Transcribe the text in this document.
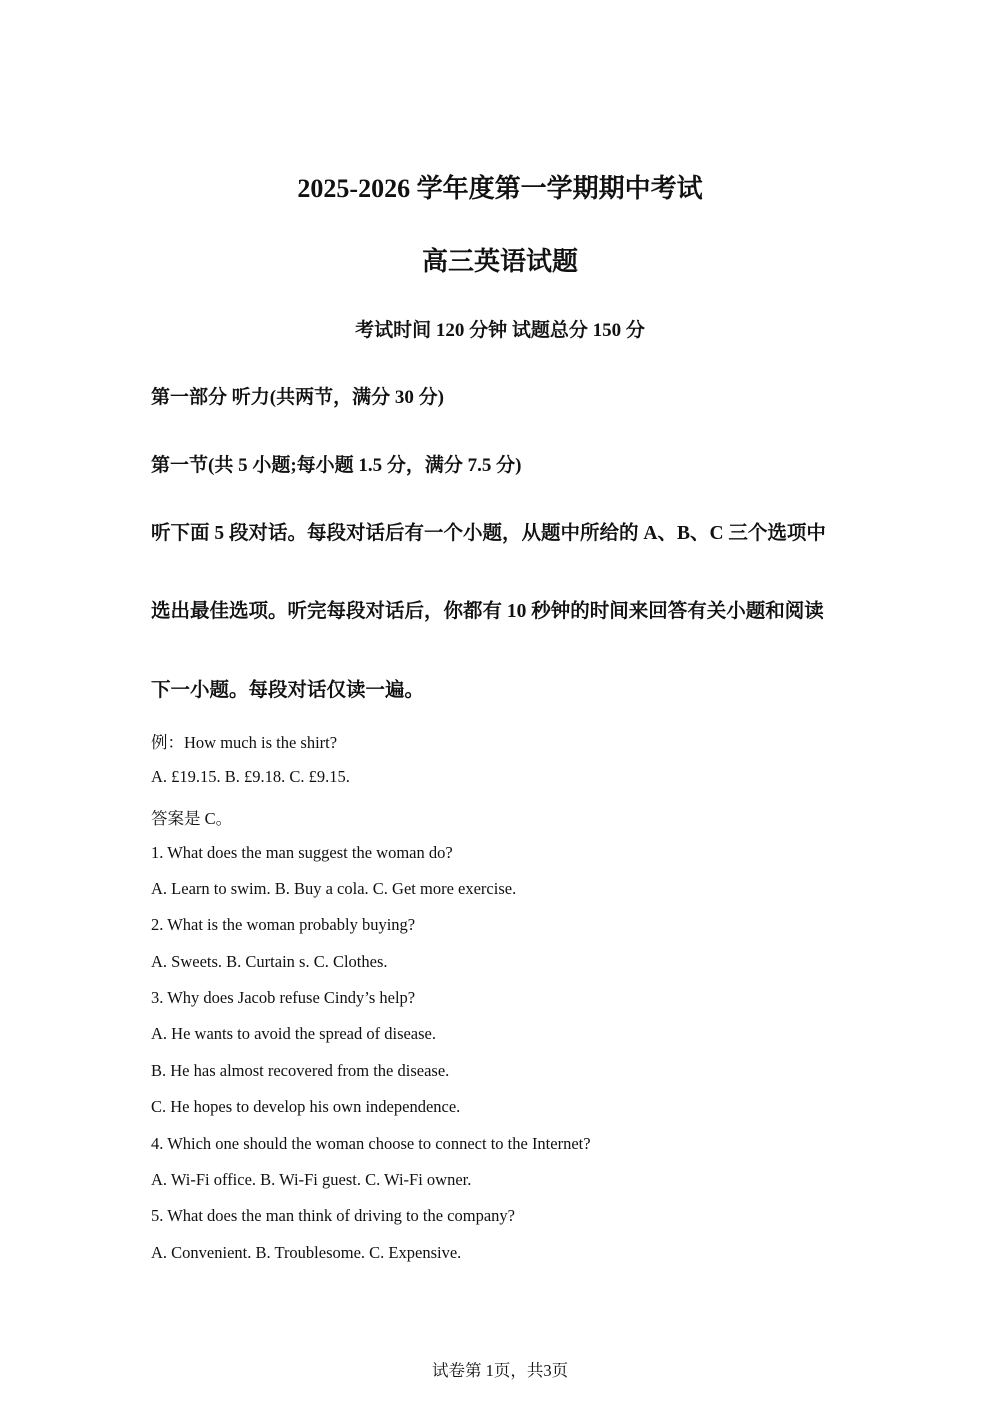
2025-2026 学年度第一学期期中考试
高三英语试题
考试时间 120 分钟 试题总分 150 分
第一部分 听力(共两节，满分 30 分)
第一节(共 5 小题;每小题 1.5 分，满分 7.5 分)
听下面 5 段对话。每段对话后有一个小题，从题中所给的 A、B、C 三个选项中
选出最佳选项。听完每段对话后，你都有 10 秒钟的时间来回答有关小题和阅读
下一小题。每段对话仅读一遍。
例：How much is the shirt?
A. £19.15. B. £9.18. C. £9.15.
答案是 C。
1. What does the man suggest the woman do?
A. Learn to swim. B. Buy a cola. C. Get more exercise.
2. What is the woman probably buying?
A. Sweets. B. Curtain s. C. Clothes.
3. Why does Jacob refuse Cindy’s help?
A. He wants to avoid the spread of disease.
B. He has almost recovered from the disease.
C. He hopes to develop his own independence.
4. Which one should the woman choose to connect to the Internet?
A. Wi-Fi office. B. Wi-Fi guest. C. Wi-Fi owner.
5. What does the man think of driving to the company?
A. Convenient. B. Troublesome. C. Expensive.
试卷第 1页，共3页
